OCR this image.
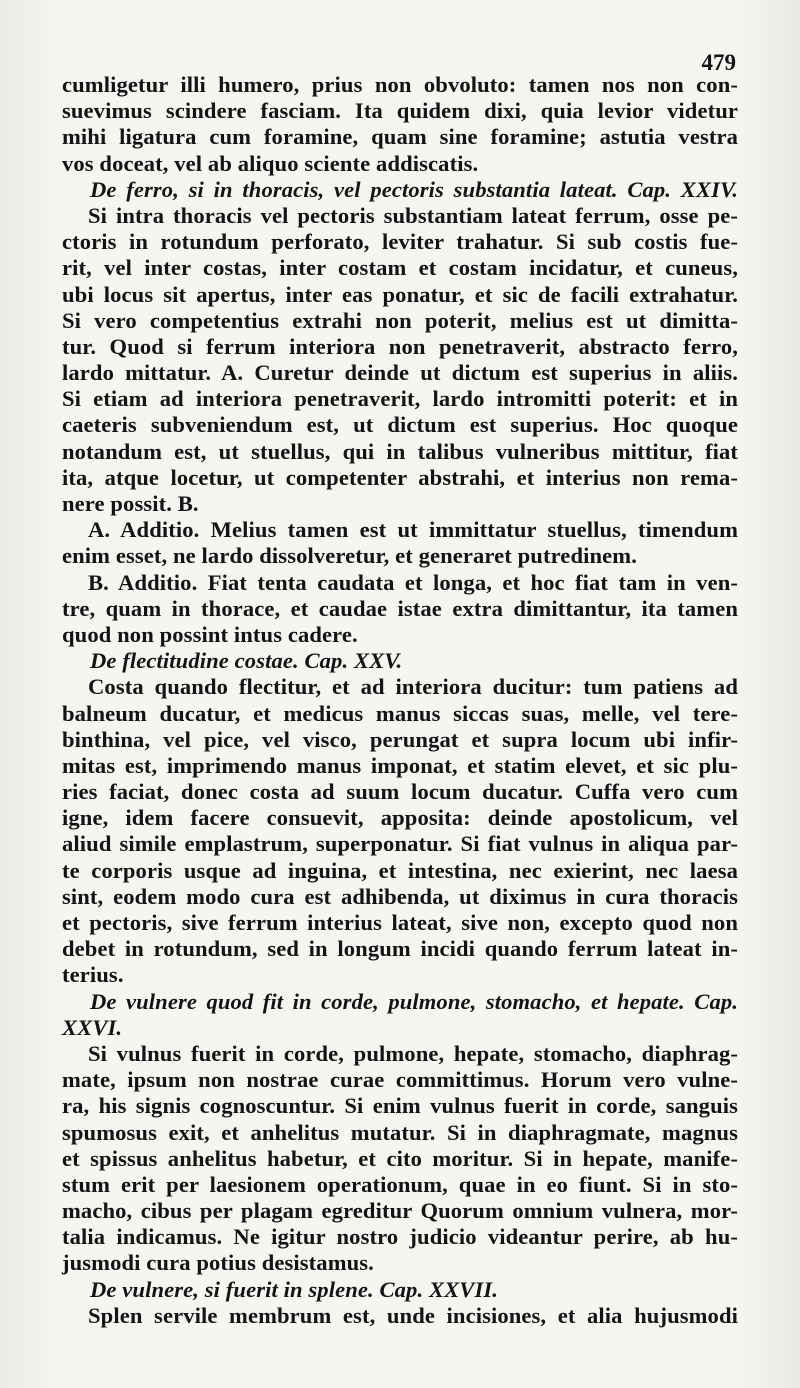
479
cumligetur illi humero, prius non obvoluto: tamen nos non con-
suevimus scindere fasciam. Ita quidem dixi, quia levior videtur
mihi ligatura cum foramine, quam sine foramine; astutia vestra
vos doceat, vel ab aliquo sciente addiscatis.
De ferro, si in thoracis, vel pectoris substantia lateat. Cap. XXIV.
Si intra thoracis vel pectoris substantiam lateat ferrum, osse pe-
ctoris in rotundum perforato, leviter trahatur. Si sub costis fue-
rit, vel inter costas, inter costam et costam incidatur, et cuneus,
ubi locus sit apertus, inter eas ponatur, et sic de facili extrahatur.
Si vero competentius extrahi non poterit, melius est ut dimitta-
tur. Quod si ferrum interiora non penetraverit, abstracto ferro,
lardo mittatur. A. Curetur deinde ut dictum est superius in aliis.
Si etiam ad interiora penetraverit, lardo intromitti poterit: et in
caeteris subveniendum est, ut dictum est superius. Hoc quoque
notandum est, ut stuellus, qui in talibus vulneribus mittitur, fiat
ita, atque locetur, ut competenter abstrahi, et interius non rema-
nere possit. B.
A. Additio. Melius tamen est ut immittatur stuellus, timendum
enim esset, ne lardo dissolveretur, et generaret putredinem.
B. Additio. Fiat tenta caudata et longa, et hoc fiat tam in ven-
tre, quam in thorace, et caudae istae extra dimittantur, ita tamen
quod non possint intus cadere.
De flectitudine costae. Cap. XXV.
Costa quando flectitur, et ad interiora ducitur: tum patiens ad
balneum ducatur, et medicus manus siccas suas, melle, vel tere-
binthina, vel pice, vel visco, perungat et supra locum ubi infir-
mitas est, imprimendo manus imponat, et statim elevet, et sic plu-
ries faciat, donec costa ad suum locum ducatur. Cuffa vero cum
igne, idem facere consuevit, apposita: deinde apostolicum, vel
aliud simile emplastrum, superponatur. Si fiat vulnus in aliqua par-
te corporis usque ad inguina, et intestina, nec exierint, nec laesa
sint, eodem modo cura est adhibenda, ut diximus in cura thoracis
et pectoris, sive ferrum interius lateat, sive non, excepto quod non
debet in rotundum, sed in longum incidi quando ferrum lateat in-
terius.
De vulnere quod fit in corde, pulmone, stomacho, et hepate. Cap.
XXVI.
Si vulnus fuerit in corde, pulmone, hepate, stomacho, diaphrag-
mate, ipsum non nostrae curae committimus. Horum vero vulne-
ra, his signis cognoscuntur. Si enim vulnus fuerit in corde, sanguis
spumosus exit, et anhelitus mutatur. Si in diaphragmate, magnus
et spissus anhelitus habetur, et cito moritur. Si in hepate, manife-
stum erit per laesionem operationum, quae in eo fiunt. Si in sto-
macho, cibus per plagam egreditur Quorum omnium vulnera, mor-
talia indicamus. Ne igitur nostro judicio videantur perire, ab hu-
jusmodi cura potius desistamus.
De vulnere, si fuerit in splene. Cap. XXVII.
Splen servile membrum est, unde incisiones, et alia hujusmodi
